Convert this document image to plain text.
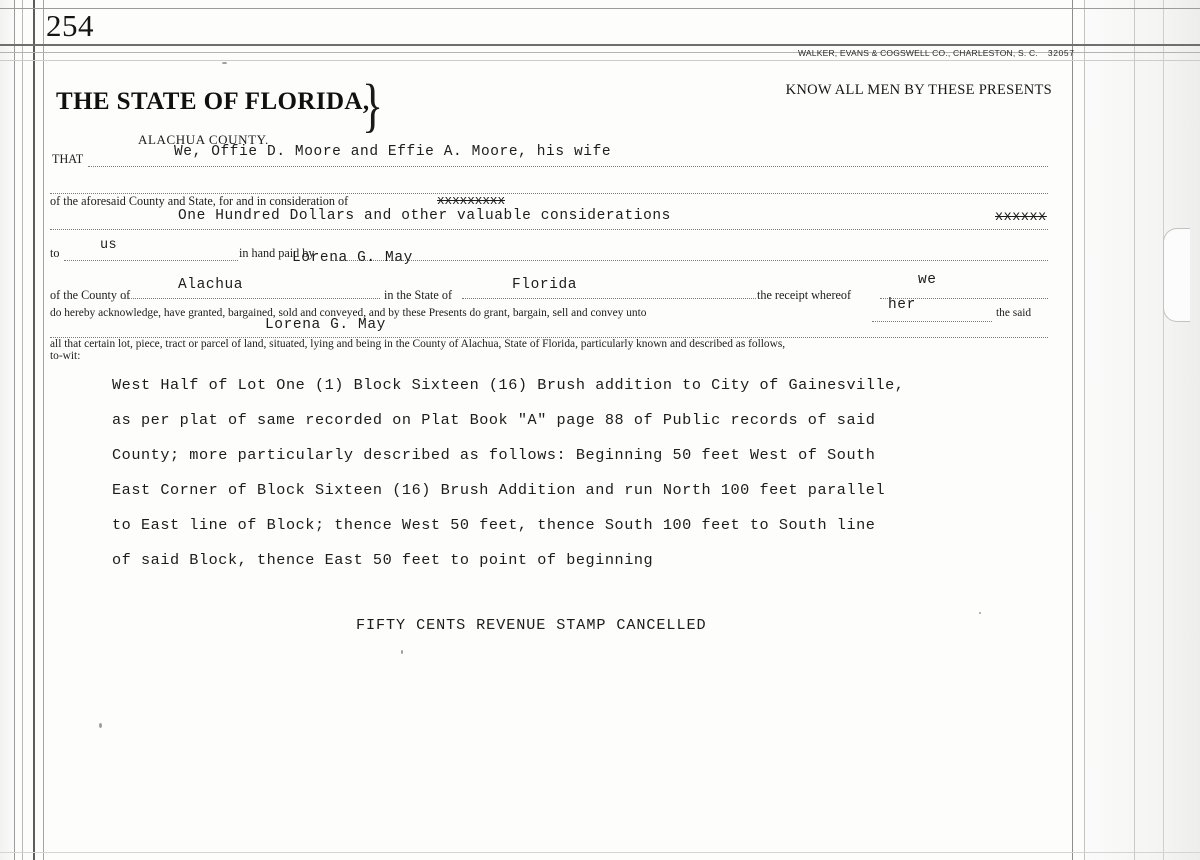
254
WALKER, EVANS & COGSWELL CO., CHARLESTON, S. C. 32057
KNOW ALL MEN BY THESE PRESENTS
THE STATE OF FLORIDA,
}
ALACHUA COUNTY.
THAT	We, Offie D. Moore and Effie A. Moore, his wife
of the aforesaid County and State, for and in consideration of	xxxxxxxxx
One Hundred Dollars and other valuable considerations	xxxxxx
to	us	in hand paid by
Lorena G. May
of the County of
Alachua
in the State of
Florida
the receipt whereof
we
do hereby acknowledge, have granted, bargained, sold and conveyed, and by these Presents do grant, bargain, sell and convey unto	her	the said
Lorena G. May
all that certain lot, piece, tract or parcel of land, situated, lying and being in the County of Alachua, State of Florida, particularly known and described as follows,
to-wit:
West Half of Lot One (1) Block Sixteen (16) Brush addition to City of Gainesville,
as per plat of same recorded on Plat Book "A" page 88 of Public records of said
County; more particularly described as follows: Beginning 50 feet West of South
East Corner of Block Sixteen (16) Brush Addition and run North 100 feet parallel
to East line of Block; thence West 50 feet, thence South 100 feet to South line
of said Block, thence East 50 feet to point of beginning
FIFTY CENTS REVENUE STAMP CANCELLED
